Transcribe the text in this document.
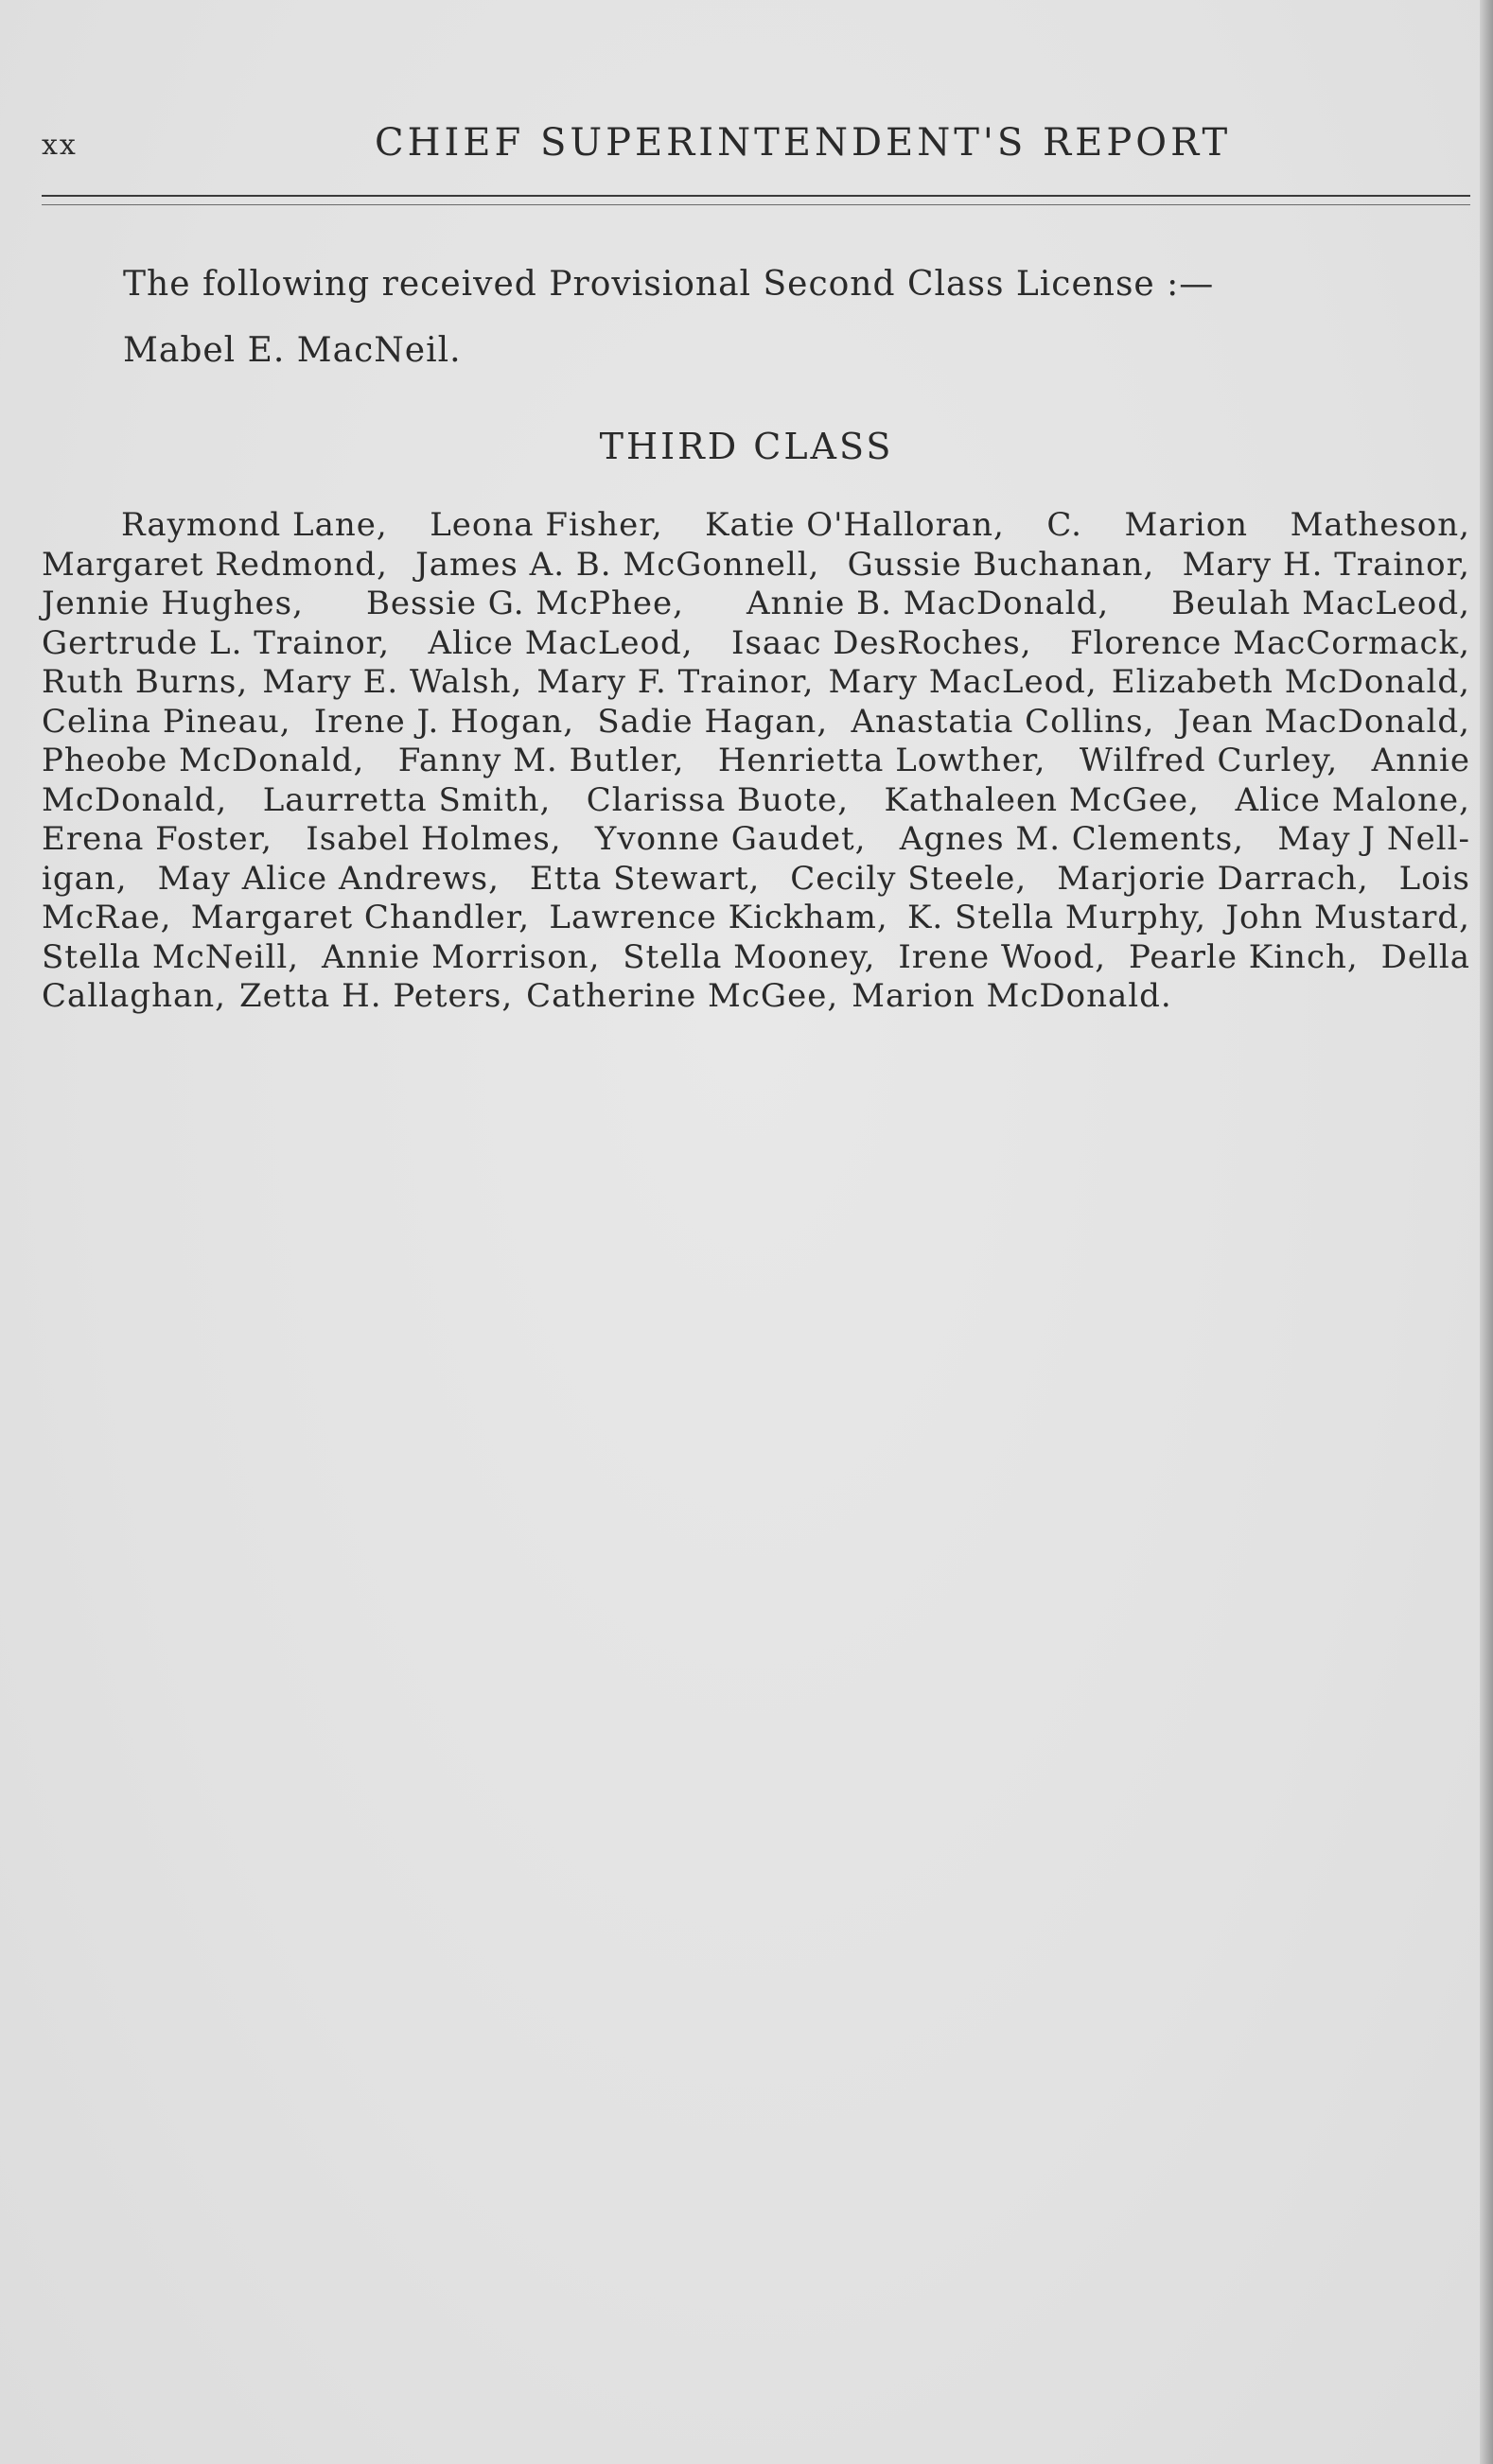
xx	CHIEF SUPERINTENDENT'S REPORT
The following received Provisional Second Class License :—
Mabel E. MacNeil.
THIRD CLASS
Raymond Lane, Leona Fisher, Katie O'Halloran, C. Marion Matheson,
Margaret Redmond, James A. B. McGonnell, Gussie Buchanan, Mary H. Trainor,
Jennie Hughes, Bessie G. McPhee, Annie B. MacDonald, Beulah MacLeod,
Gertrude L. Trainor, Alice MacLeod, Isaac DesRoches, Florence MacCormack,
Ruth Burns, Mary E. Walsh, Mary F. Trainor, Mary MacLeod, Elizabeth McDonald,
Celina Pineau, Irene J. Hogan, Sadie Hagan, Anastatia Collins, Jean MacDonald,
Pheobe McDonald, Fanny M. Butler, Henrietta Lowther, Wilfred Curley, Annie
McDonald, Laurretta Smith, Clarissa Buote, Kathaleen McGee, Alice Malone,
Erena Foster, Isabel Holmes, Yvonne Gaudet, Agnes M. Clements, May J Nell-
igan, May Alice Andrews, Etta Stewart, Cecily Steele, Marjorie Darrach, Lois
McRae, Margaret Chandler, Lawrence Kickham, K. Stella Murphy, John Mustard,
Stella McNeill, Annie Morrison, Stella Mooney, Irene Wood, Pearle Kinch, Della
Callaghan, Zetta H. Peters, Catherine McGee, Marion McDonald.
